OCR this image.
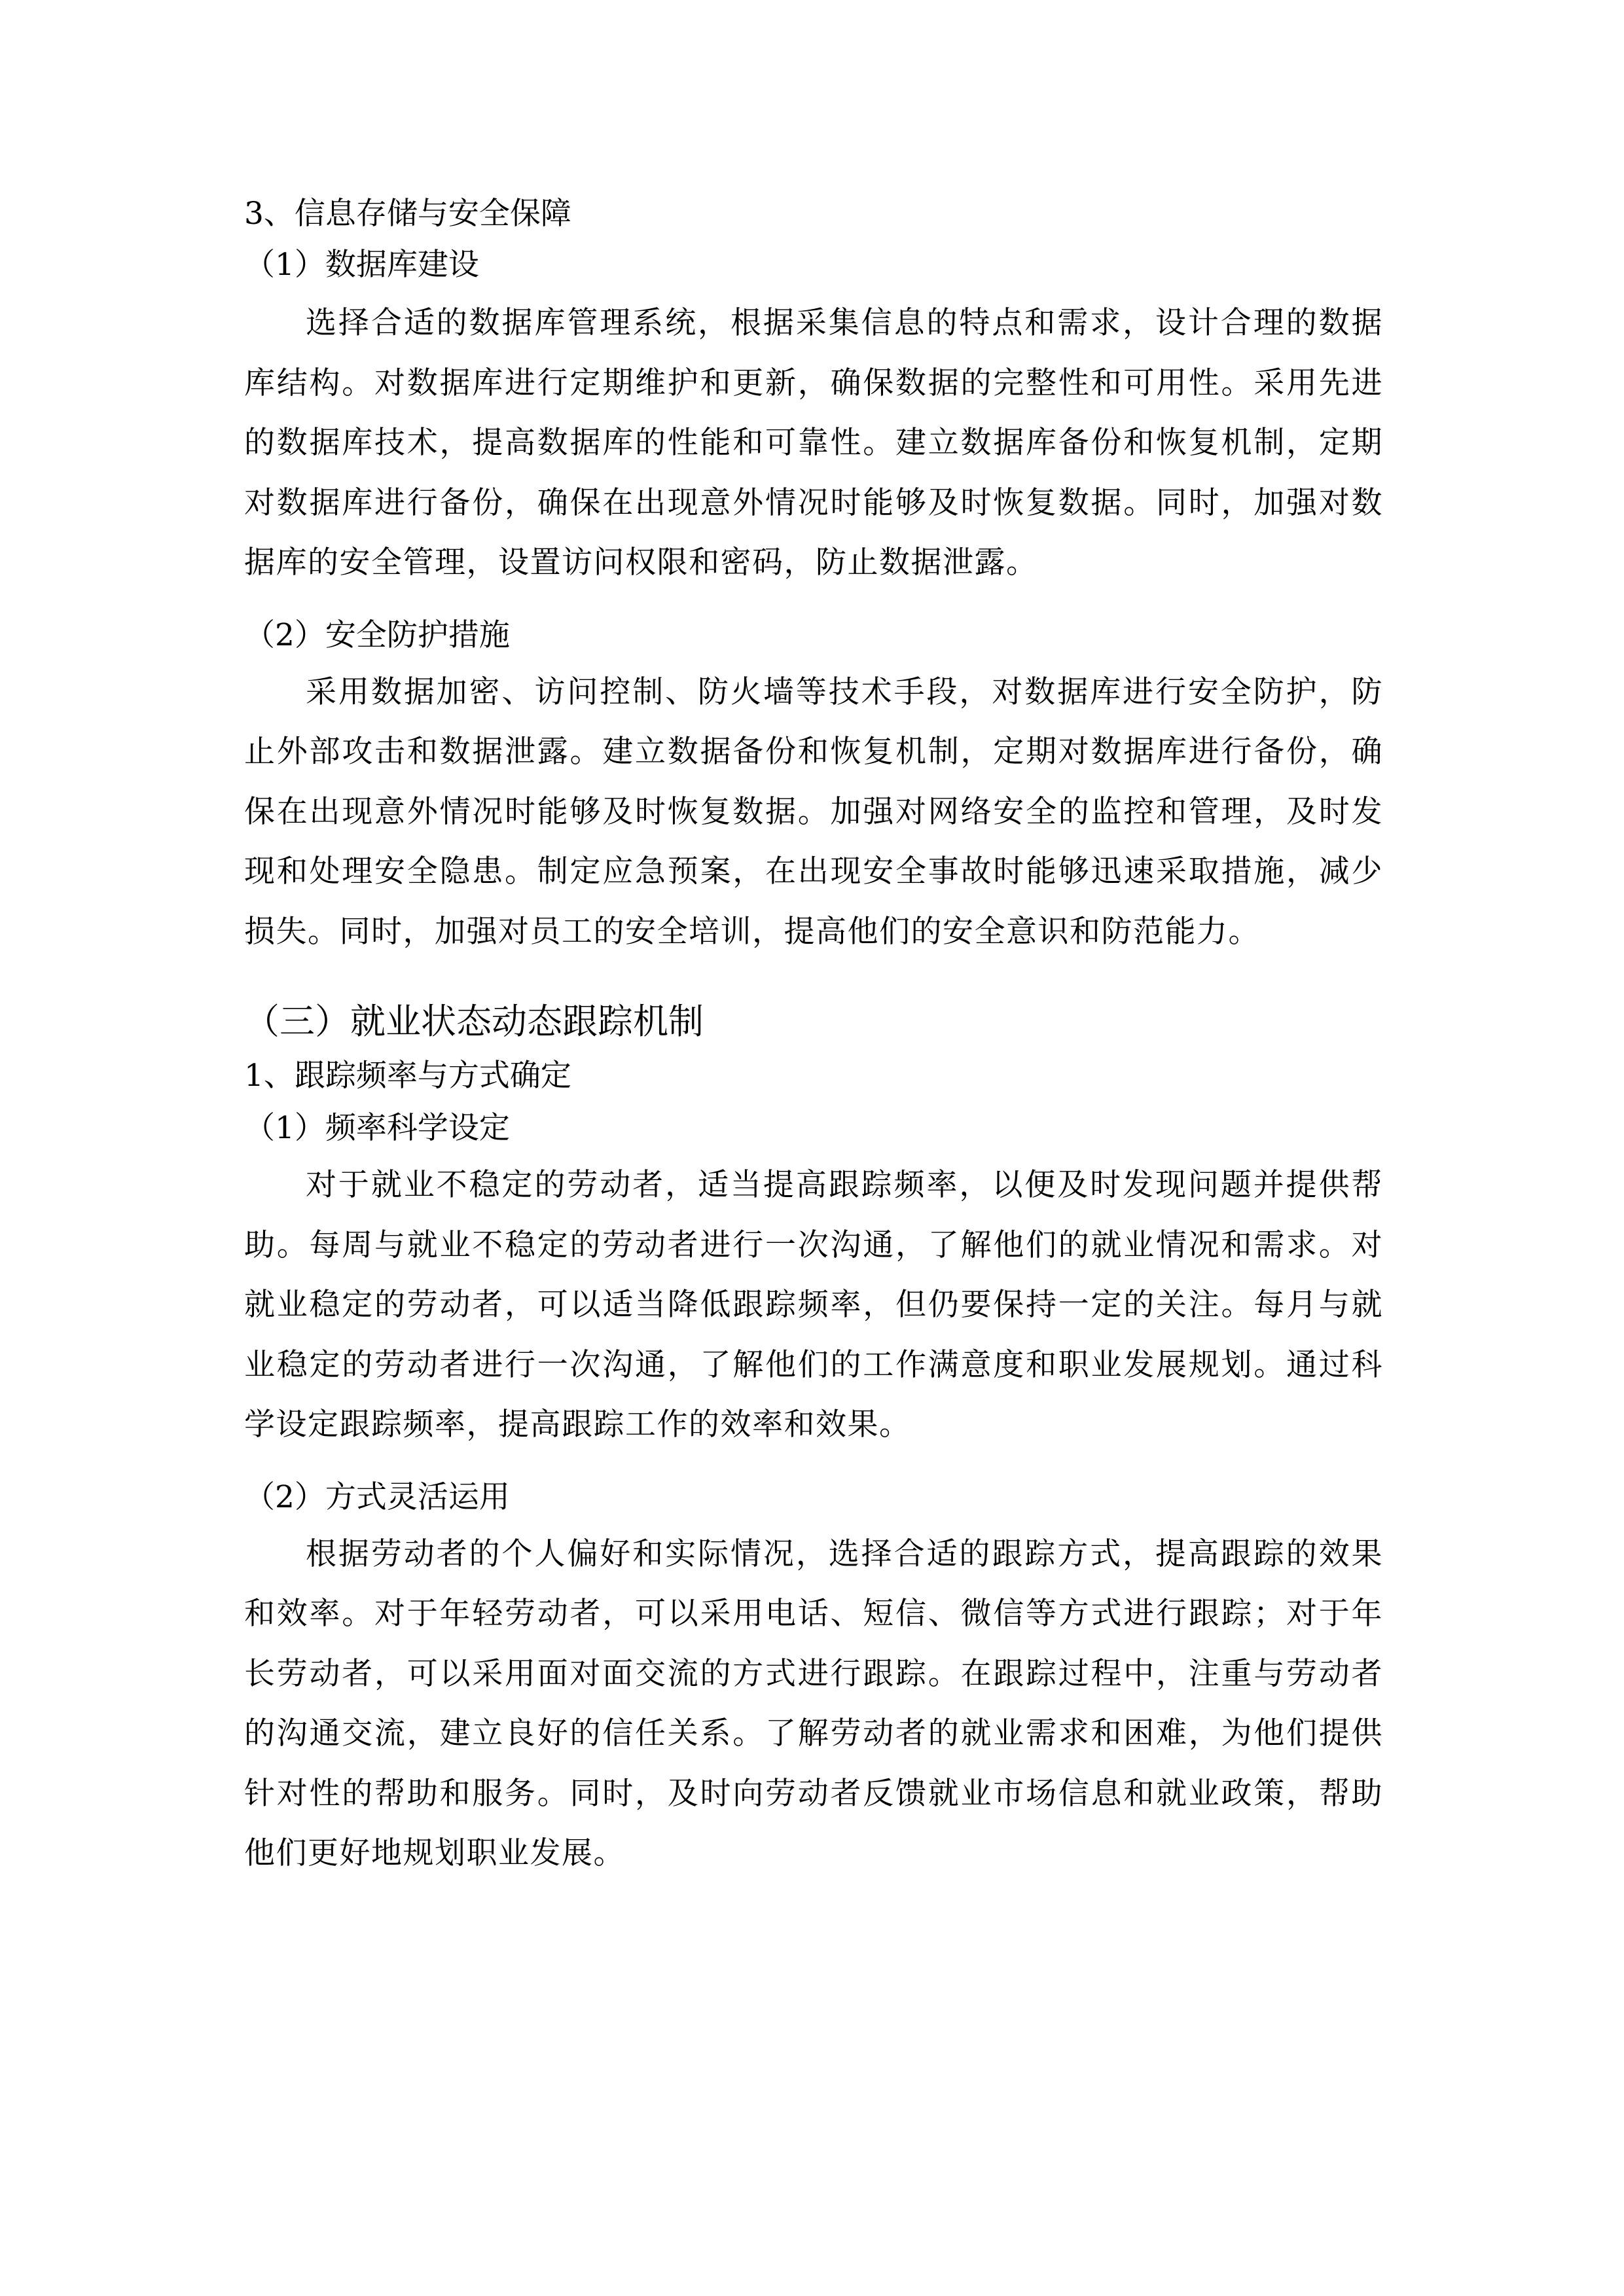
3、信息存储与安全保障

（1）数据库建设

选择合适的数据库管理系统，根据采集信息的特点和需求，设计合理的数据库结构。对数据库进行定期维护和更新，确保数据的完整性和可用性。采用先进的数据库技术，提高数据库的性能和可靠性。建立数据库备份和恢复机制，定期对数据库进行备份，确保在出现意外情况时能够及时恢复数据。同时，加强对数据库的安全管理，设置访问权限和密码，防止数据泄露。

（2）安全防护措施

采用数据加密、访问控制、防火墙等技术手段，对数据库进行安全防护，防止外部攻击和数据泄露。建立数据备份和恢复机制，定期对数据库进行备份，确保在出现意外情况时能够及时恢复数据。加强对网络安全的监控和管理，及时发现和处理安全隐患。制定应急预案，在出现安全事故时能够迅速采取措施，减少损失。同时，加强对员工的安全培训，提高他们的安全意识和防范能力。

（三）就业状态动态跟踪机制

1、跟踪频率与方式确定

（1）频率科学设定

对于就业不稳定的劳动者，适当提高跟踪频率，以便及时发现问题并提供帮助。每周与就业不稳定的劳动者进行一次沟通，了解他们的就业情况和需求。对就业稳定的劳动者，可以适当降低跟踪频率，但仍要保持一定的关注。每月与就业稳定的劳动者进行一次沟通，了解他们的工作满意度和职业发展规划。通过科学设定跟踪频率，提高跟踪工作的效率和效果。

（2）方式灵活运用

根据劳动者的个人偏好和实际情况，选择合适的跟踪方式，提高跟踪的效果和效率。对于年轻劳动者，可以采用电话、短信、微信等方式进行跟踪；对于年长劳动者，可以采用面对面交流的方式进行跟踪。在跟踪过程中，注重与劳动者的沟通交流，建立良好的信任关系。了解劳动者的就业需求和困难，为他们提供针对性的帮助和服务。同时，及时向劳动者反馈就业市场信息和就业政策，帮助他们更好地规划职业发展。
